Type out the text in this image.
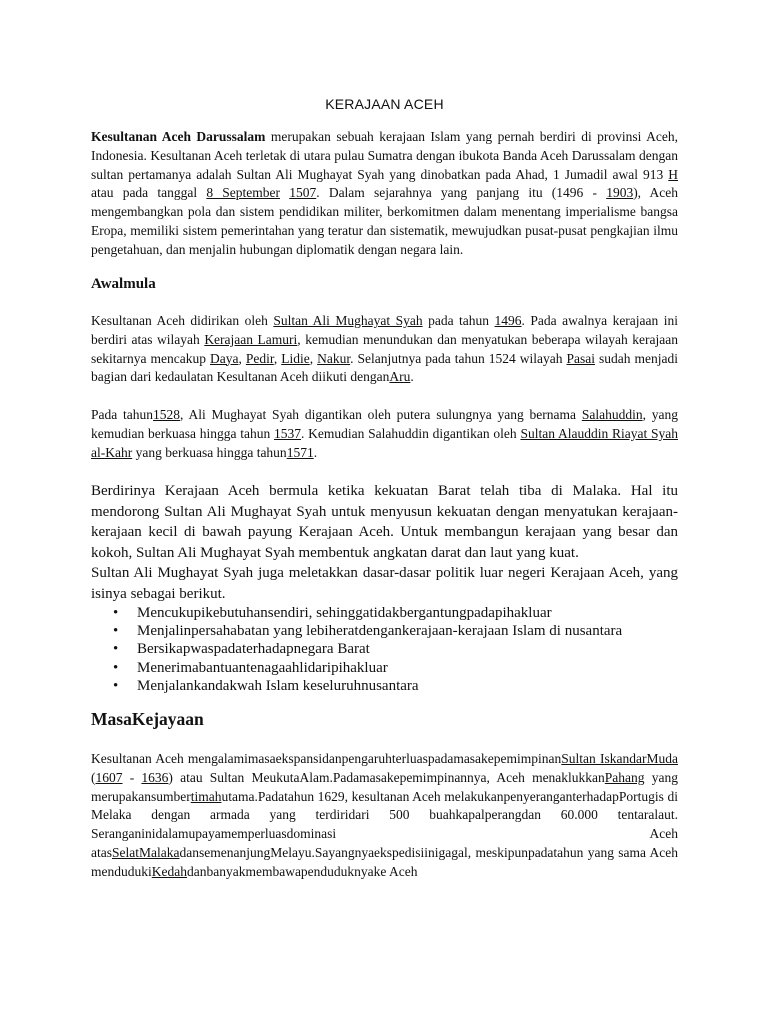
KERAJAAN ACEH

Kesultanan Aceh Darussalam merupakan sebuah kerajaan Islam yang pernah berdiri di provinsi Aceh, Indonesia. Kesultanan Aceh terletak di utara pulau Sumatra dengan ibukota Banda Aceh Darussalam dengan sultan pertamanya adalah Sultan Ali Mughayat Syah yang dinobatkan pada Ahad, 1 Jumadil awal 913 H atau pada tanggal 8 September 1507. Dalam sejarahnya yang panjang itu (1496 - 1903), Aceh mengembangkan pola dan sistem pendidikan militer, berkomitmen dalam menentang imperialisme bangsa Eropa, memiliki sistem pemerintahan yang teratur dan sistematik, mewujudkan pusat-pusat pengkajian ilmu pengetahuan, dan menjalin hubungan diplomatik dengan negara lain.

Awalmula

Kesultanan Aceh didirikan oleh Sultan Ali Mughayat Syah pada tahun 1496. Pada awalnya kerajaan ini berdiri atas wilayah Kerajaan Lamuri, kemudian menundukan dan menyatukan beberapa wilayah kerajaan sekitarnya mencakup Daya, Pedir, Lidie, Nakur. Selanjutnya pada tahun 1524 wilayah Pasai sudah menjadi bagian dari kedaulatan Kesultanan Aceh diikuti denganAru.

Pada tahun1528, Ali Mughayat Syah digantikan oleh putera sulungnya yang bernama Salahuddin, yang kemudian berkuasa hingga tahun 1537. Kemudian Salahuddin digantikan oleh Sultan Alauddin Riayat Syah al-Kahr yang berkuasa hingga tahun1571.

Berdirinya Kerajaan Aceh bermula ketika kekuatan Barat telah tiba di Malaka. Hal itu mendorong Sultan Ali Mughayat Syah untuk menyusun kekuatan dengan menyatukan kerajaan-kerajaan kecil di bawah payung Kerajaan Aceh. Untuk membangun kerajaan yang besar dan kokoh, Sultan Ali Mughayat Syah membentuk angkatan darat dan laut yang kuat.

Sultan Ali Mughayat Syah juga meletakkan dasar-dasar politik luar negeri Kerajaan Aceh, yang isinya sebagai berikut.

• Mencukupikebutuhansendiri, sehinggatidakbergantungpadapihakluar
• Menjalinpersahabatan yang lebiheratdengankerajaan-kerajaan Islam di nusantara
• Bersikapwaspadaterhadapnegara Barat
• Menerimabantuantenagaahlidaripihakluar
• Menjalankandakwah Islam keseluruhnusantara
MasaKejayaan

Kesultanan Aceh mengalamimasaekspansidanpengaruhterluaspadamasakepemimpinanSultan IskandarMuda (1607 - 1636) atau Sultan MeukutaAlam.Padamasakepemimpinannya, Aceh menaklukkanPahang yang merupakansumbertimahutama.Padatahun 1629, kesultanan Aceh melakukanpenyeranganterhadapPortugis di Melaka dengan armada yang terdiridari 500 buahkapalperangdan 60.000 tentaralaut. Seranganinidalamupayamemperluasdominasi Aceh atasSelatMalakadansemenanjungMelayu.Sayangnyaekspedisiinigagal, meskipunpadatahun yang sama Aceh mendudukiKedahdanbanyakmembawapenduduknyake Aceh
